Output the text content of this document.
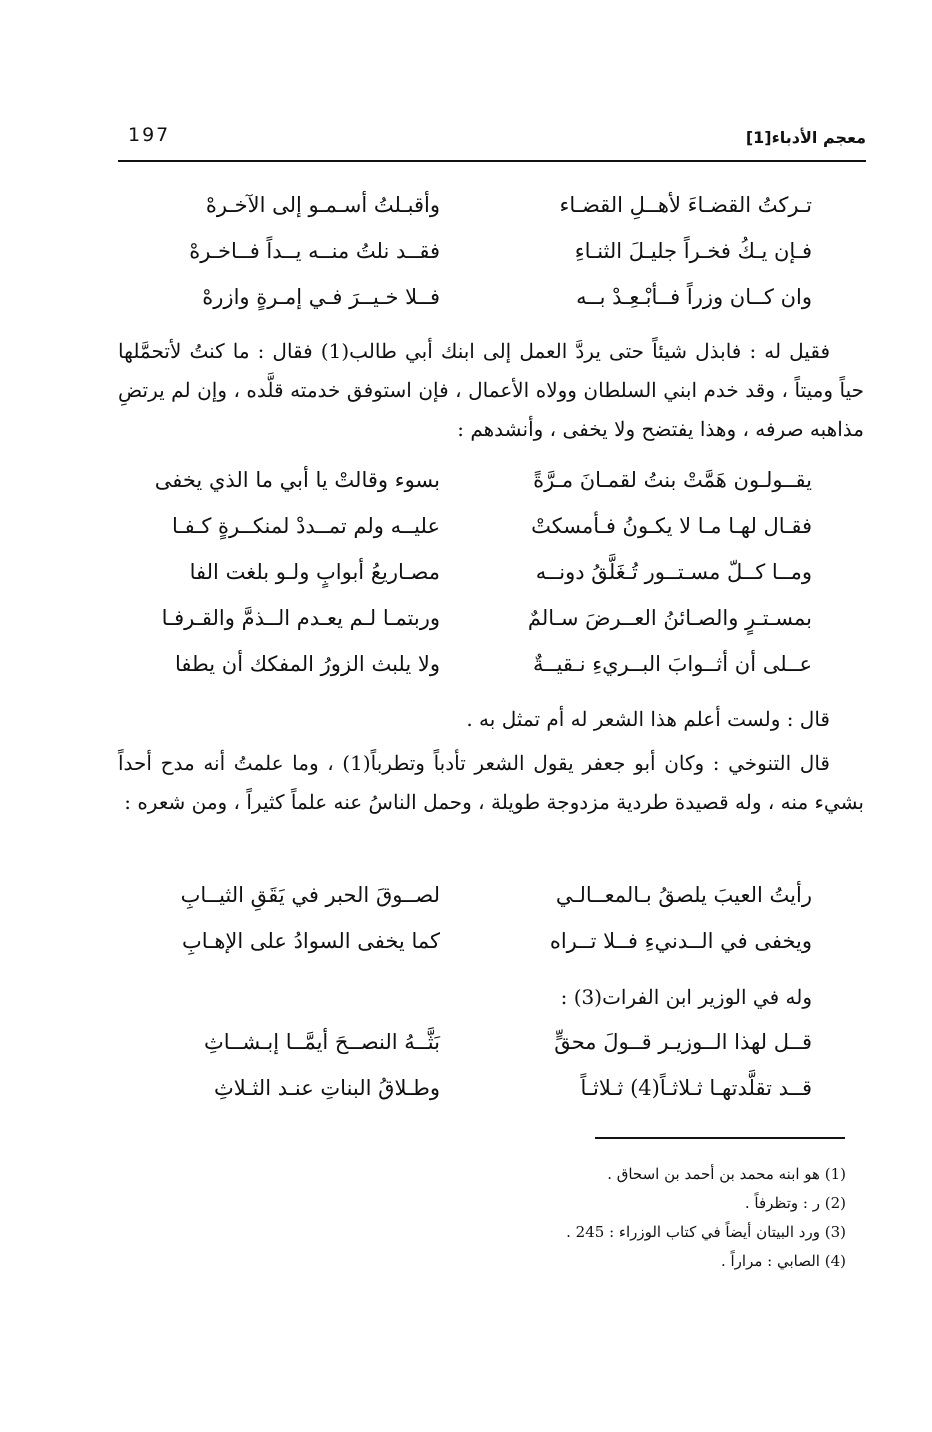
197	معجم الأدباء[1]
تـركتُ القضـاءَ لأهــلِ القضـاء
وأقبـلتُ أسـمـو إلى الآخـرهْ
فـإن يـكُ فخـراً جليـلَ الثنـاءِ
فقــد نلتُ منــه يــداً فــاخـرهْ
وان كــان وزراً فــأبْـعِـدْ بــه
فــلا خـيــرَ فـي إمـرةٍ وازرهْ

فقيل له : فابذل شيئاً حتى يردَّ العمل إلى ابنك أبي طالب(1) فقال : ما كنتُ لأتحمَّلها حياً وميتاً ، وقد خدم ابني السلطان وولاه الأعمال ، فإن استوفق خدمته قلَّده ، وإن لم يرتضِ مذاهبه صرفه ، وهذا يفتضح ولا يخفى ، وأنشدهم :

يقــولـون هَمَّتْ بنتُ لقمـانَ مـرَّةً
بسوء وقالتْ يا أبي ما الذي يخفى
فقـال لهـا مـا لا يكـونُ فـأمسكتْ
عليــه ولم تمــددْ لمنكــرةٍ كـفـا
ومــا كــلّ مسـتــور تُـغَلَّقُ دونــه
مصـاريعُ أبوابٍ ولـو بلغت الفا
بمسـتـرٍ والصـائنُ العــرضَ سـالمٌ
وربتمـا لـم يعـدم الــذمَّ والقـرفـا
عــلى أن أثــوابَ البــريءِ نـقيــةٌ
ولا يلبث الزورُ المفكك أن يطفا

قال : ولست أعلم هذا الشعر له أم تمثل به .

قال التنوخي : وكان أبو جعفر يقول الشعر تأدباً وتطرباً(1) ، وما علمتُ أنه مدح أحداً بشيء منه ، وله قصيدة طردية مزدوجة طويلة ، وحمل الناسُ عنه علماً كثيراً ، ومن شعره :

رأيتُ العيبَ يلصقُ بـالمعــالـي
لصــوقَ الحبر في يَقَقِ الثيــابِ
ويخفى في الــدنيءِ فــلا تــراه
كما يخفى السوادُ على الإهـابِ
وله في الوزير ابن الفرات(3) :
قــل لهذا الــوزيـر قــولَ محقٍّ
بَثَّــهُ النصــحَ أيمَّــا إبـشــاثِ
قــد تقلَّدتهـا ثـلاثـاً(4) ثـلاثـاً
وطـلاقُ البناتِ عنـد الثـلاثِ

(1) هو ابنه محمد بن أحمد بن اسحاق .

(2) ر : وتظرفاً .

(3) ورد البيتان أيضاً في كتاب الوزراء : 245 .

(4) الصابي : مراراً .
